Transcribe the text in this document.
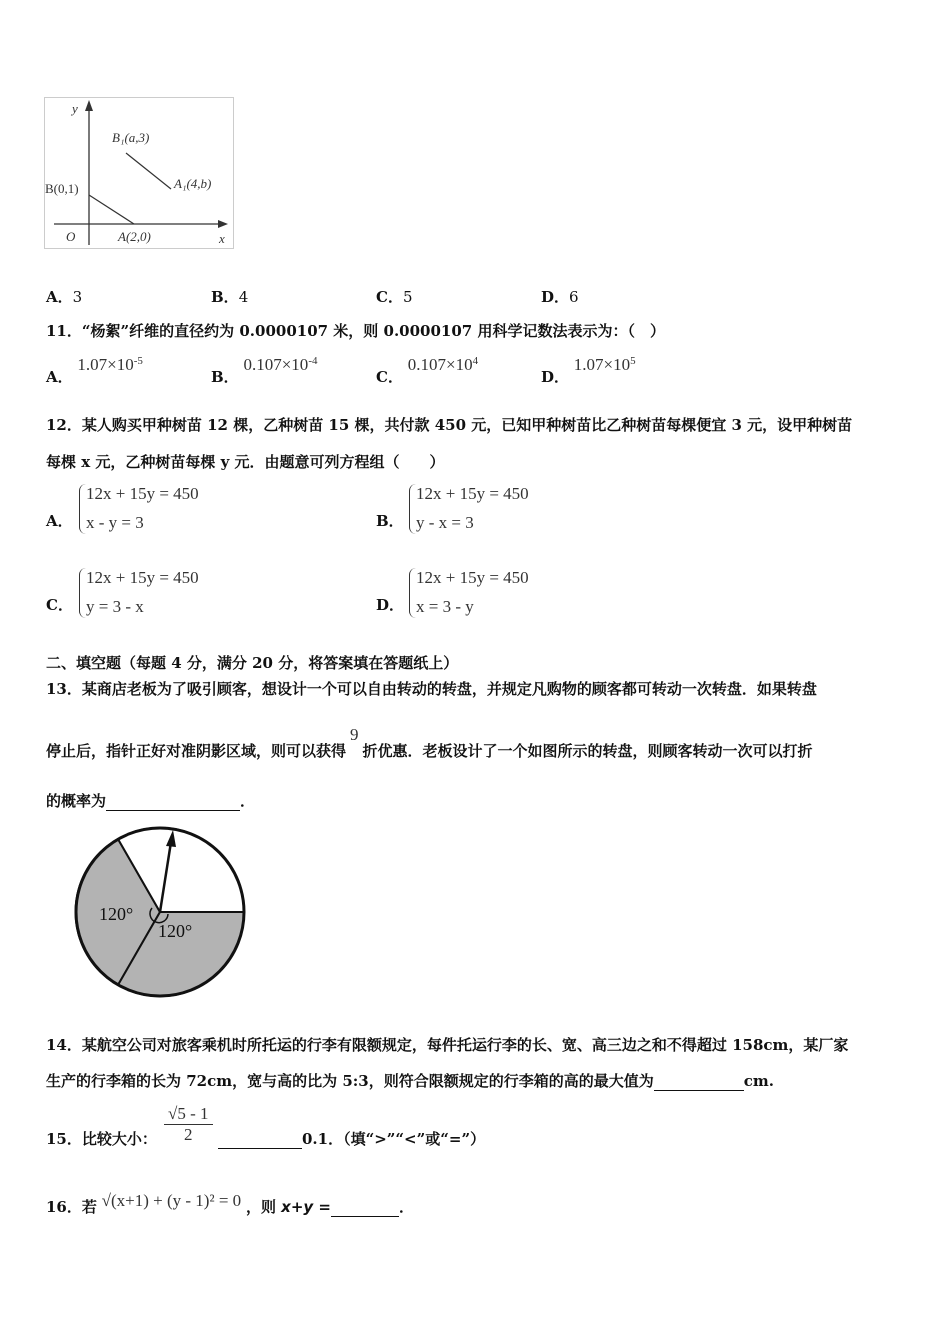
y
x
O
B(0,1)
A(2,0)
B₁(a,3)
A₁(4,b)
A．3	B．4	C．5	D．6
11．“杨絮”纤维的直径约为 0.0000107 米，则 0.0000107 用科学记数法表示为：（　）
A． $1.07\times 10^{-5}$
B． $0.107\times 10^{-4}$
C． $0.107\times 10^4$
D． $1.07\times 10^5$
12．某人购买甲种树苗 12 棵，乙种树苗 15 棵，共付款 450 元，已知甲种树苗比乙种树苗每棵便宜 3 元，设甲种树苗
每棵 x 元，乙种树苗每棵 y 元．由题意可列方程组（　　）
A．
12x + 15y = 450
x - y = 3	B．
12x + 15y = 450
y - x = 3
C．
12x + 15y = 450
y = 3 - x	D．
12x + 15y = 450
x = 3 - y
二、填空题（每题 4 分，满分 20 分，将答案填在答题纸上）
13．某商店老板为了吸引顾客，想设计一个可以自由转动的转盘，并规定凡购物的顾客都可转动一次转盘．如果转盘
停止后，指针正好对准阴影区域，则可以获得9折优惠．老板设计了一个如图所示的转盘，则顾客转动一次可以打折
的概率为	．
120°
120°
14．某航空公司对旅客乘机时所托运的行李有限额规定，每件托运行李的长、宽、高三边之和不得超过 158cm，某厂家
生产的行李箱的长为 72cm，宽与高的比为 5:3，则符合限额规定的行李箱的高的最大值为	cm.
15．比较大小：
√5 - 1
2	0.1．（填“>”“<”或“=”）
16．若 √(x+1) + (y - 1)² = 0 ，则 x+y =	．
